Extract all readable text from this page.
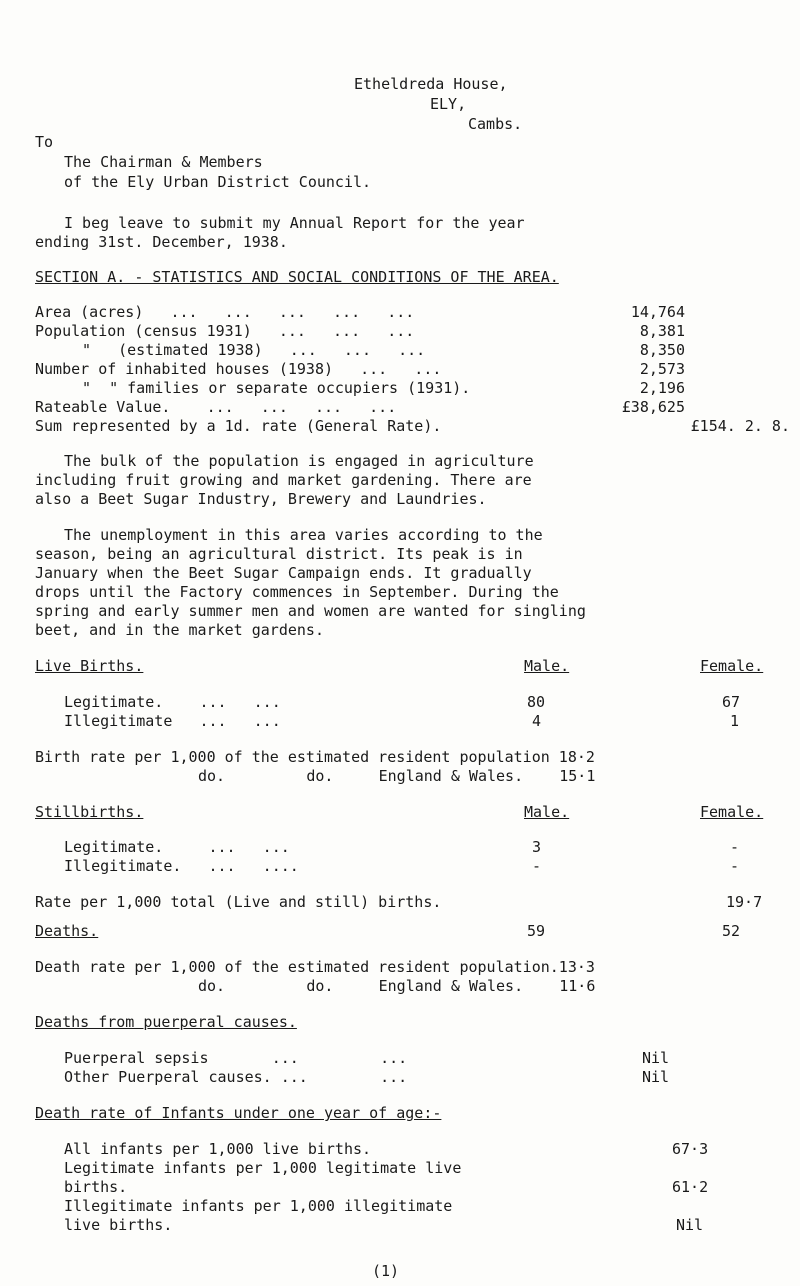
Etheldreda House,
ELY,
Cambs.
To
The Chairman & Members
of the Ely Urban District Council.
I beg leave to submit my Annual Report for the year
ending 31st. December, 1938.
SECTION A. - STATISTICS AND SOCIAL CONDITIONS OF THE AREA.
Area (acres)   ...   ...   ...   ...   ...	14,764
Population (census 1931)   ...   ...   ...	8,381
"   (estimated 1938)   ...   ...   ...	8,350
Number of inhabited houses (1938)   ...   ...	2,573
"  " families or separate occupiers (1931).	2,196
Rateable Value.    ...   ...   ...   ...	£38,625
Sum represented by a 1d. rate (General Rate).	£154. 2. 8.
The bulk of the population is engaged in agriculture
including fruit growing and market gardening. There are
also a Beet Sugar Industry, Brewery and Laundries.
The unemployment in this area varies according to the
season, being an agricultural district. Its peak is in
January when the Beet Sugar Campaign ends. It gradually
drops until the Factory commences in September. During the
spring and early summer men and women are wanted for singling
beet, and in the market gardens.
Live Births.	Male.	Female.
Legitimate.    ...   ...	80	67
Illegitimate   ...   ...	4	1
Birth rate per 1,000 of the estimated resident population 18·2
do.         do.     England & Wales.    15·1
Stillbirths.	Male.	Female.
Legitimate.     ...   ...	3	-
Illegitimate.   ...   ....	-	-
Rate per 1,000 total (Live and still) births.	19·7
Deaths.	59	52
Death rate per 1,000 of the estimated resident population.13·3
do.         do.     England & Wales.    11·6
Deaths from puerperal causes.
Puerperal sepsis       ...         ...	Nil
Other Puerperal causes. ...        ...	Nil
Death rate of Infants under one year of age:-
All infants per 1,000 live births.	67·3
Legitimate infants per 1,000 legitimate live
births.	61·2
Illegitimate infants per 1,000 illegitimate
live births.	Nil
(1)
